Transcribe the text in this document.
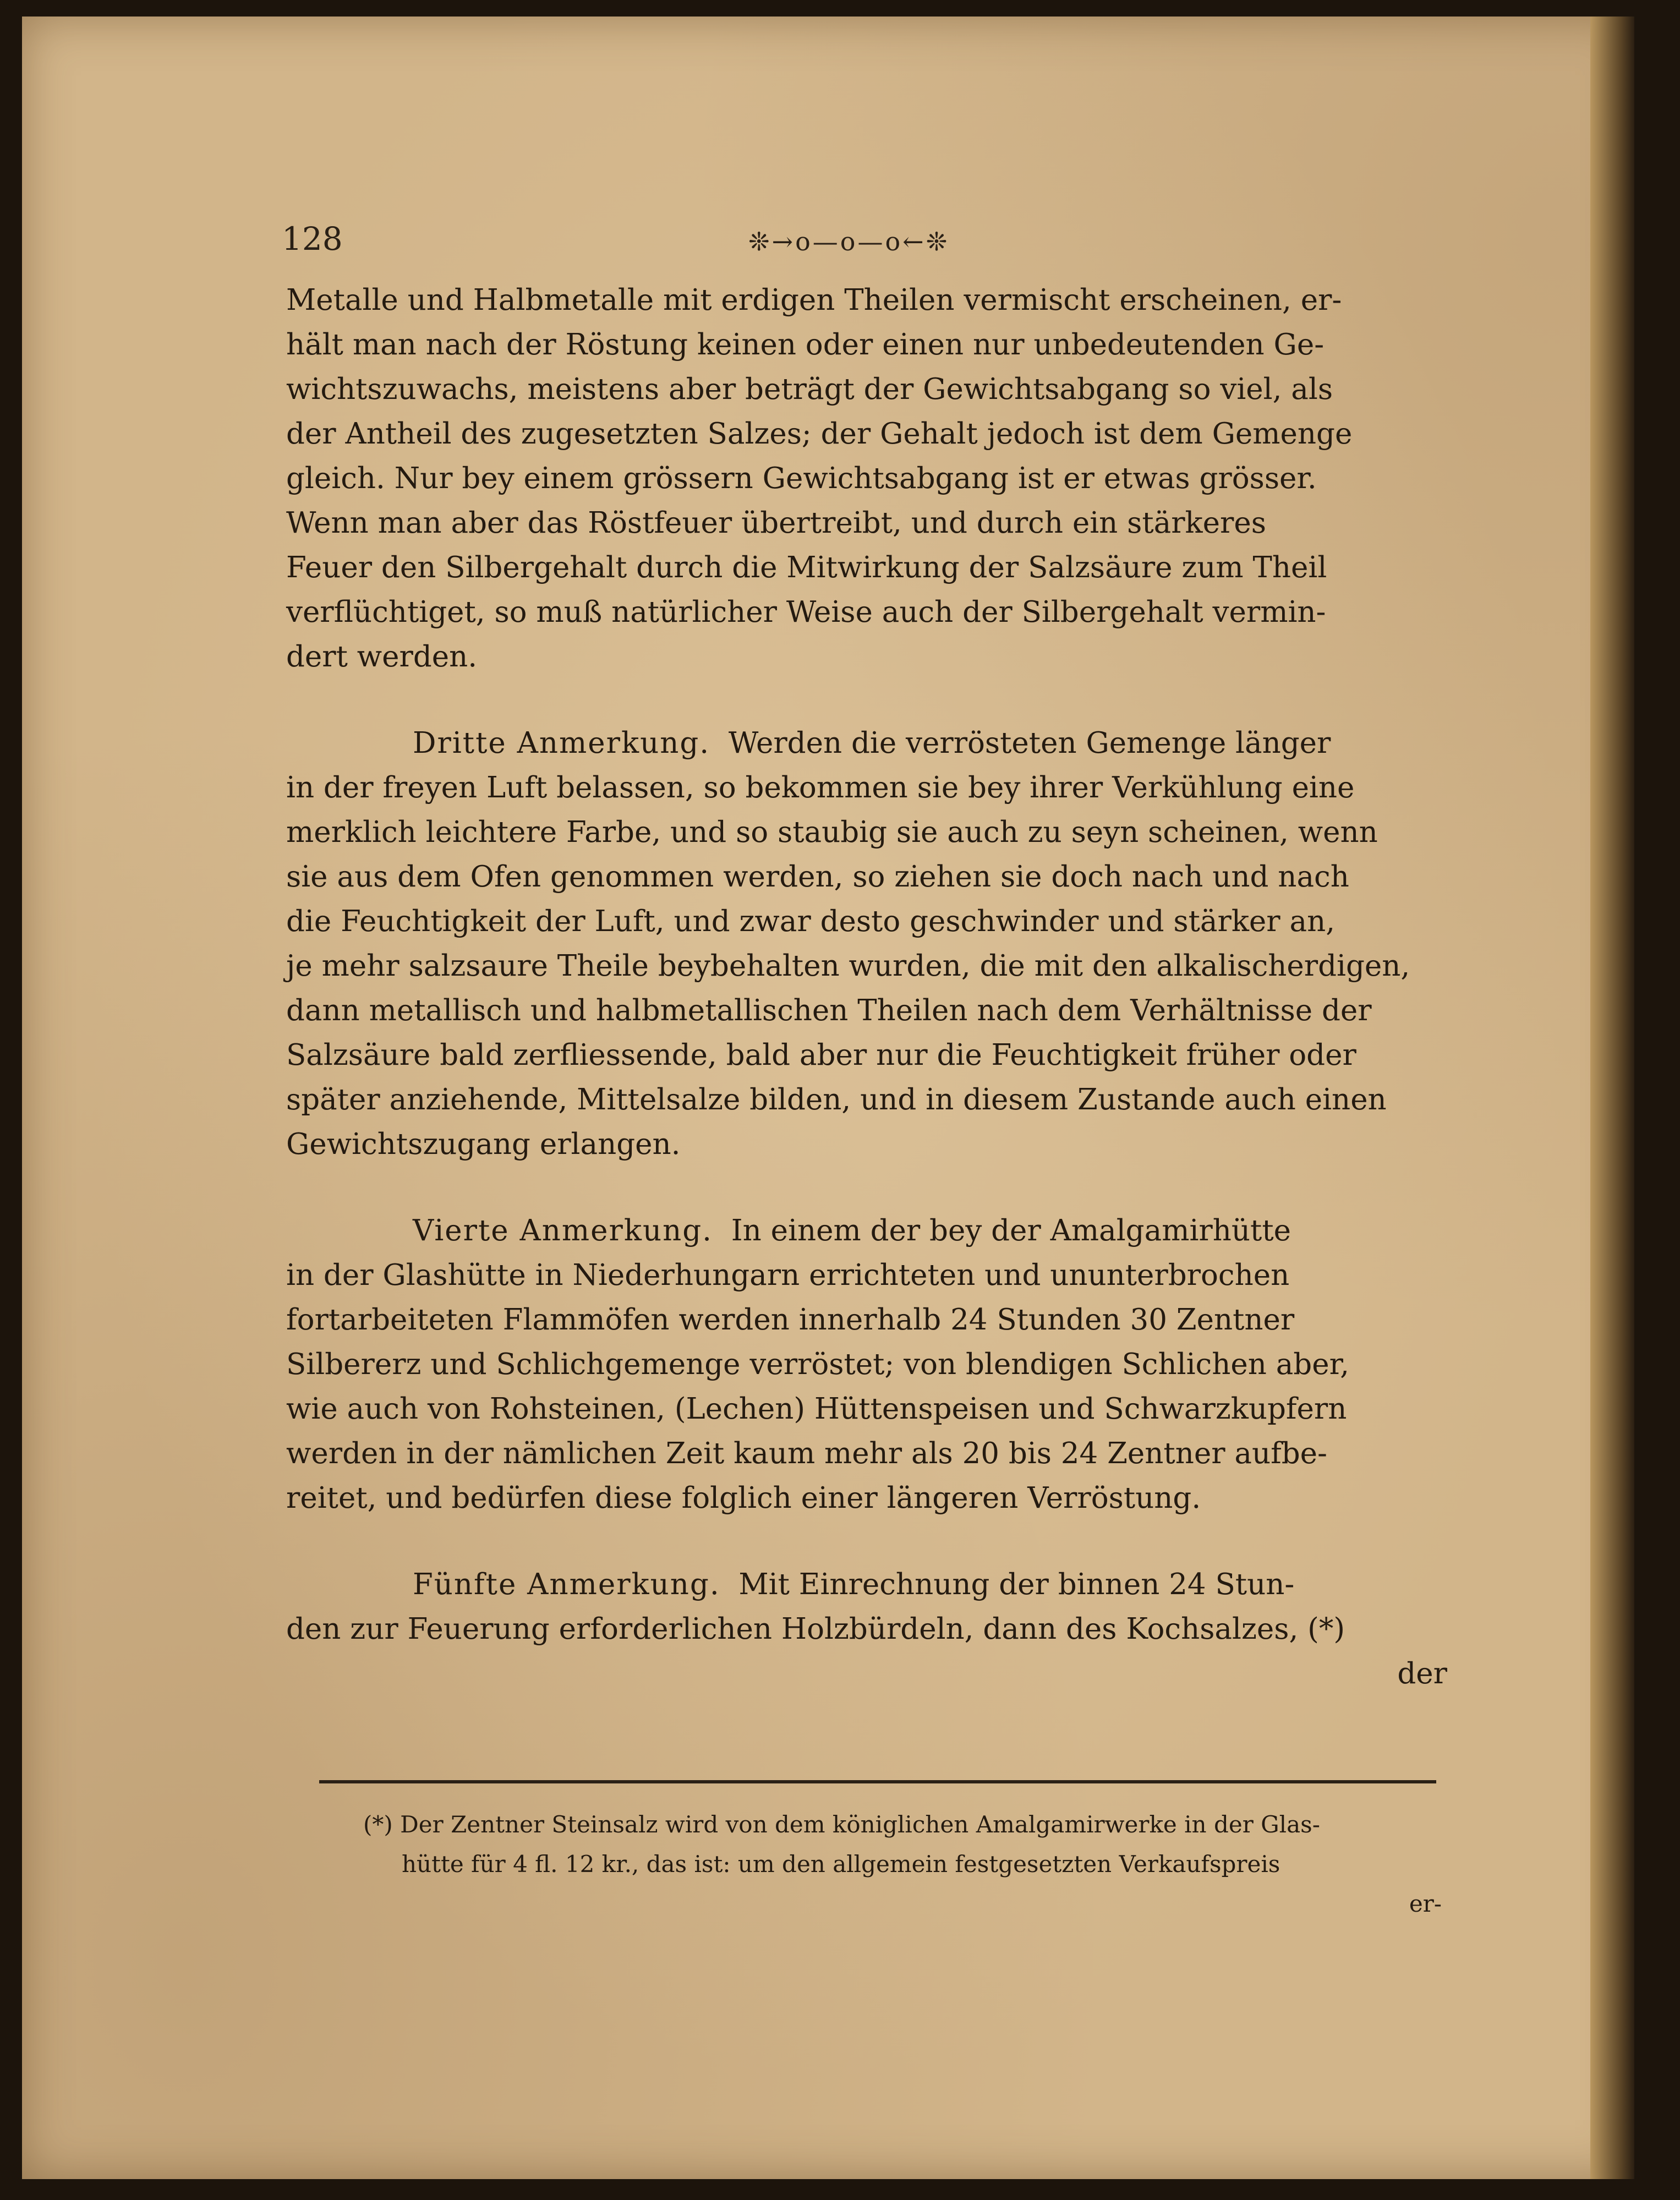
128	❊→o—o—o←❊
Metalle und Halbmetalle mit erdigen Theilen vermischt erscheinen, er-
hält man nach der Röstung keinen oder einen nur unbedeutenden Ge-
wichtszuwachs, meistens aber beträgt der Gewichtsabgang so viel, als
der Antheil des zugesetzten Salzes; der Gehalt jedoch ist dem Gemenge
gleich. Nur bey einem grössern Gewichtsabgang ist er etwas grösser.
Wenn man aber das Röstfeuer übertreibt, und durch ein stärkeres
Feuer den Silbergehalt durch die Mitwirkung der Salzsäure zum Theil
verflüchtiget, so muß natürlicher Weise auch der Silbergehalt vermin-
dert werden.
Dritte Anmerkung. Werden die verrösteten Gemenge länger
in der freyen Luft belassen, so bekommen sie bey ihrer Verkühlung eine
merklich leichtere Farbe, und so staubig sie auch zu seyn scheinen, wenn
sie aus dem Ofen genommen werden, so ziehen sie doch nach und nach
die Feuchtigkeit der Luft, und zwar desto geschwinder und stärker an,
je mehr salzsaure Theile beybehalten wurden, die mit den alkalischerdigen,
dann metallisch und halbmetallischen Theilen nach dem Verhältnisse der
Salzsäure bald zerfliessende, bald aber nur die Feuchtigkeit früher oder
später anziehende, Mittelsalze bilden, und in diesem Zustande auch einen
Gewichtszugang erlangen.
Vierte Anmerkung. In einem der bey der Amalgamirhütte
in der Glashütte in Niederhungarn errichteten und ununterbrochen
fortarbeiteten Flammöfen werden innerhalb 24 Stunden 30 Zentner
Silbererz und Schlichgemenge verröstet; von blendigen Schlichen aber,
wie auch von Rohsteinen, (Lechen) Hüttenspeisen und Schwarzkupfern
werden in der nämlichen Zeit kaum mehr als 20 bis 24 Zentner aufbe-
reitet, und bedürfen diese folglich einer längeren Verröstung.
Fünfte Anmerkung. Mit Einrechnung der binnen 24 Stun-
den zur Feuerung erforderlichen Holzbürdeln, dann des Kochsalzes, (*)
der
(*) Der Zentner Steinsalz wird von dem königlichen Amalgamirwerke in der Glas-
hütte für 4 fl. 12 kr., das ist: um den allgemein festgesetzten Verkaufspreis
er-
